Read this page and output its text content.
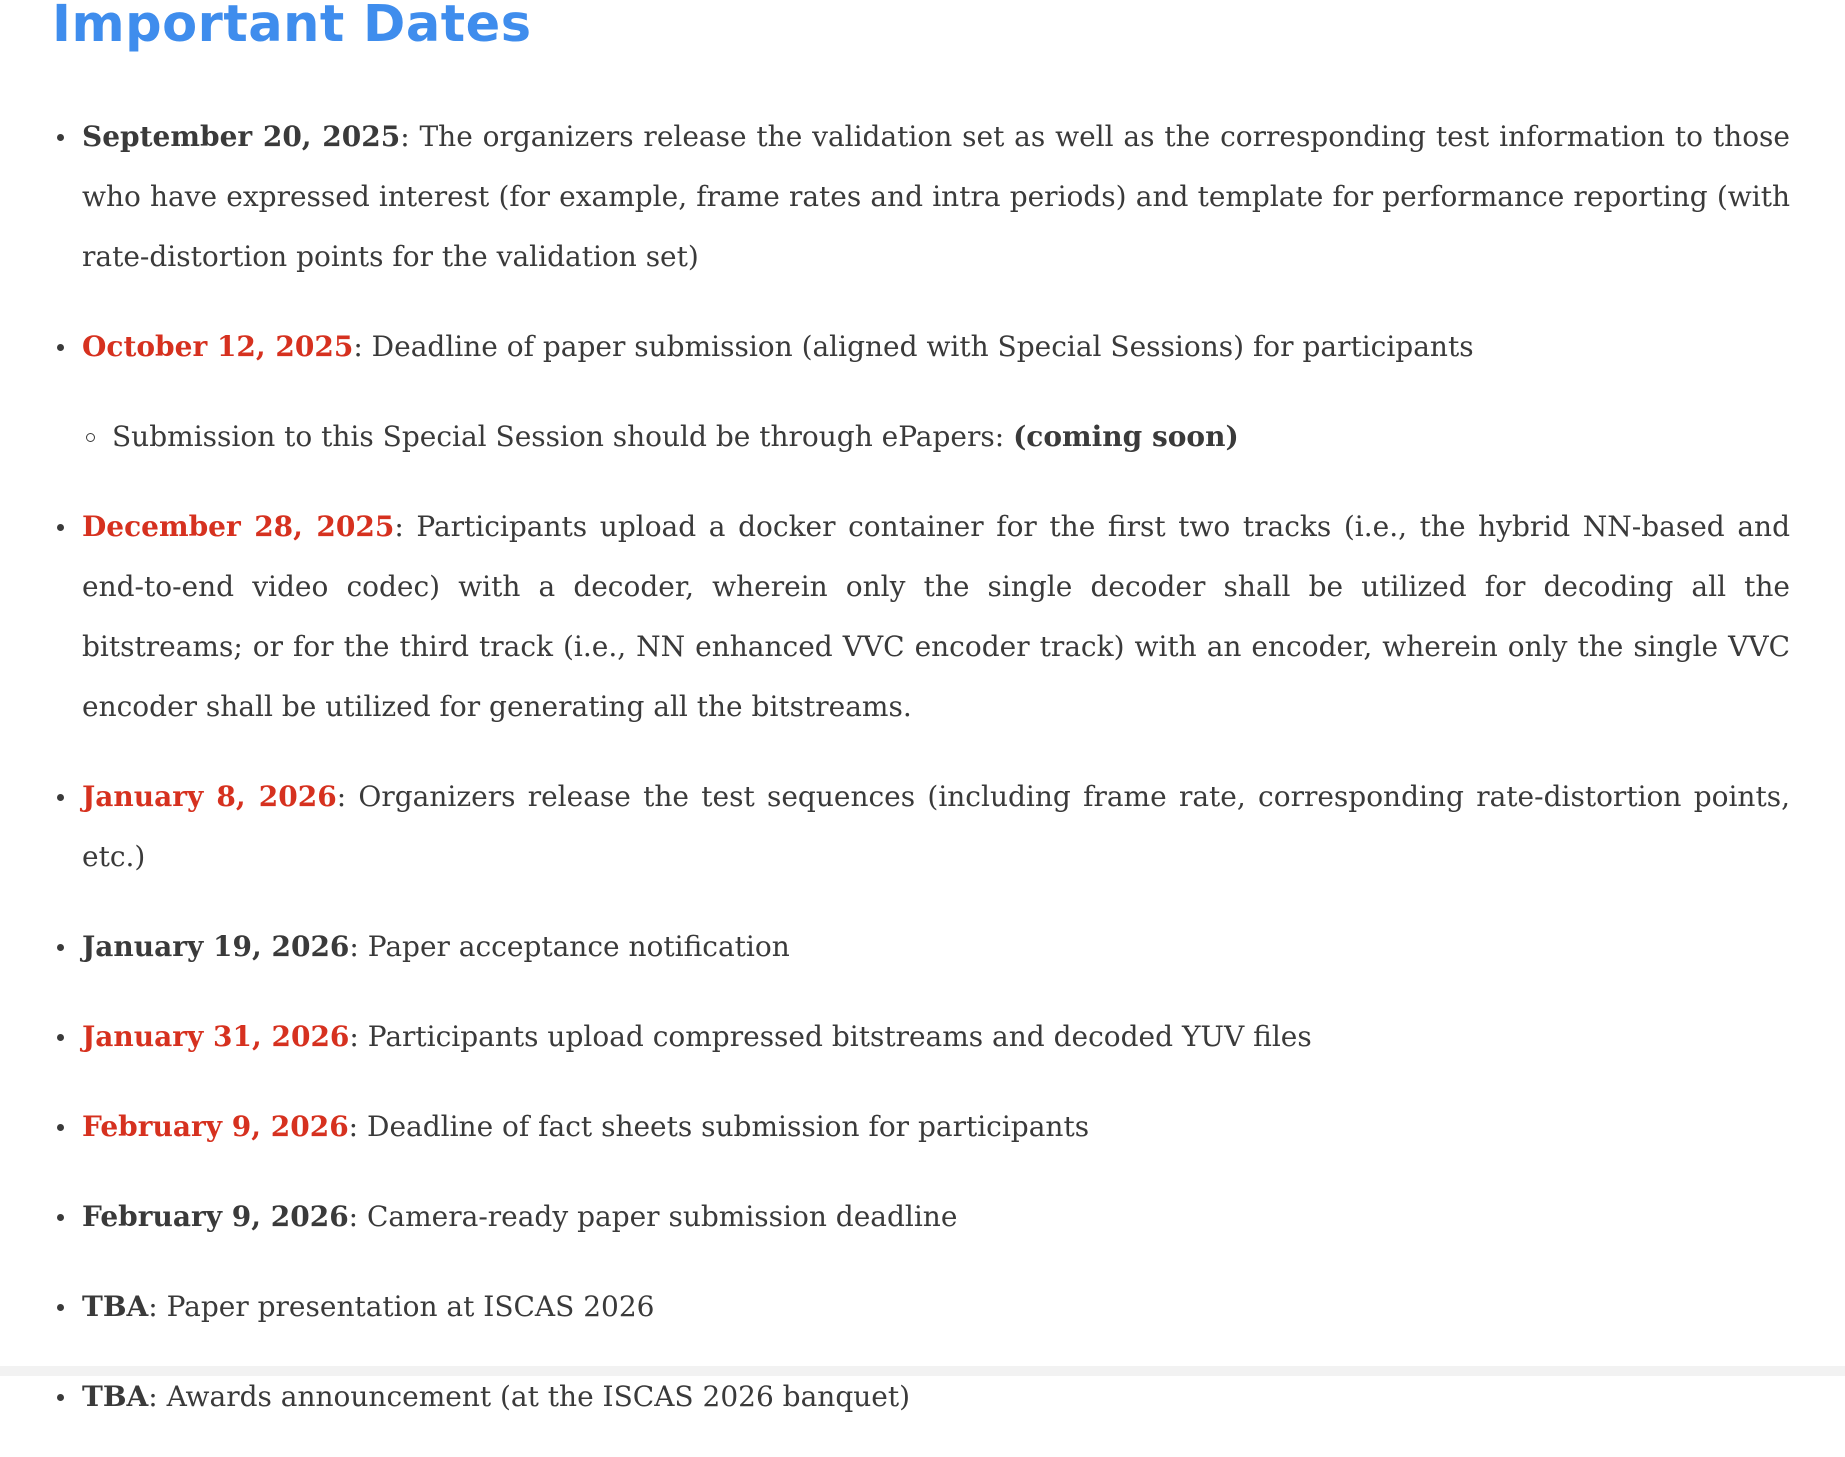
Important Dates
September 20, 2025: The organizers release the validation set as well as the corresponding test information to those who have expressed interest (for example, frame rates and intra periods) and template for performance reporting (with rate-distortion points for the validation set)
October 12, 2025: Deadline of paper submission (aligned with Special Sessions) for participants
Submission to this Special Session should be through ePapers: (coming soon)
December 28, 2025: Participants upload a docker container for the first two tracks (i.e., the hybrid NN-based and end-to-end video codec) with a decoder, wherein only the single decoder shall be utilized for decoding all the bitstreams; or for the third track (i.e., NN enhanced VVC encoder track) with an encoder, wherein only the single VVC encoder shall be utilized for generating all the bitstreams.
January 8, 2026: Organizers release the test sequences (including frame rate, corresponding rate-distortion points, etc.)
January 19, 2026: Paper acceptance notification
January 31, 2026: Participants upload compressed bitstreams and decoded YUV files
February 9, 2026: Deadline of fact sheets submission for participants
February 9, 2026: Camera-ready paper submission deadline
TBA: Paper presentation at ISCAS 2026
TBA: Awards announcement (at the ISCAS 2026 banquet)
